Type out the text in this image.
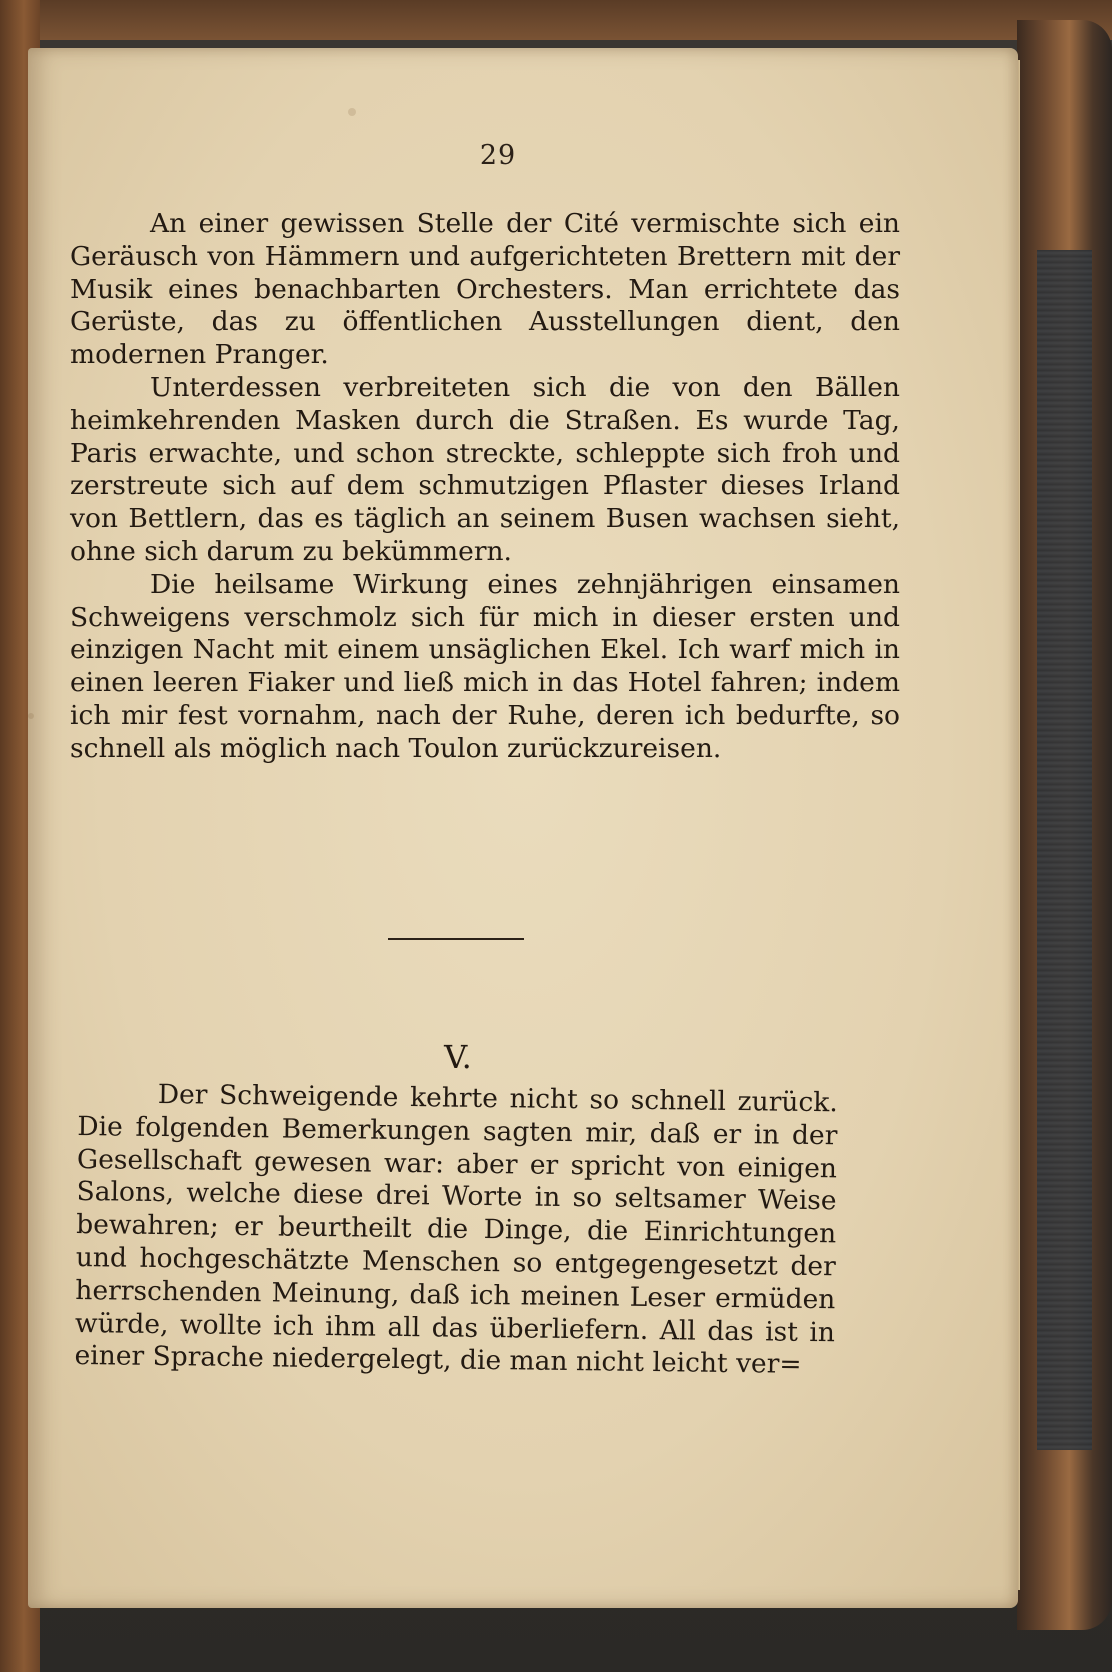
29

An einer gewissen Stelle der Cité vermischte sich ein Geräusch von Hämmern und aufgerichteten Brettern mit der Musik eines benachbarten Orchesters. Man errichtete das Gerüste, das zu öffentlichen Ausstellungen dient, den modernen Pranger.

Unterdessen verbreiteten sich die von den Bällen heimkehrenden Masken durch die Straßen. Es wurde Tag, Paris erwachte, und schon streckte, schleppte sich froh und zerstreute sich auf dem schmutzigen Pflaster dieses Irland von Bettlern, das es täglich an seinem Busen wachsen sieht, ohne sich darum zu bekümmern.

Die heilsame Wirkung eines zehnjährigen einsamen Schweigens verschmolz sich für mich in dieser ersten und einzigen Nacht mit einem unsäglichen Ekel. Ich warf mich in einen leeren Fiaker und ließ mich in das Hotel fahren; indem ich mir fest vornahm, nach der Ruhe, deren ich bedurfte, so schnell als möglich nach Toulon zurückzureisen.

V.

Der Schweigende kehrte nicht so schnell zurück. Die folgenden Bemerkungen sagten mir, daß er in der Gesellschaft gewesen war: aber er spricht von einigen Salons, welche diese drei Worte in so seltsamer Weise bewahren; er beurtheilt die Dinge, die Einrichtungen und hochgeschätzte Menschen so entgegengesetzt der herrschenden Meinung, daß ich meinen Leser ermüden würde, wollte ich ihm all das überliefern. All das ist in einer Sprache niedergelegt, die man nicht leicht ver=
